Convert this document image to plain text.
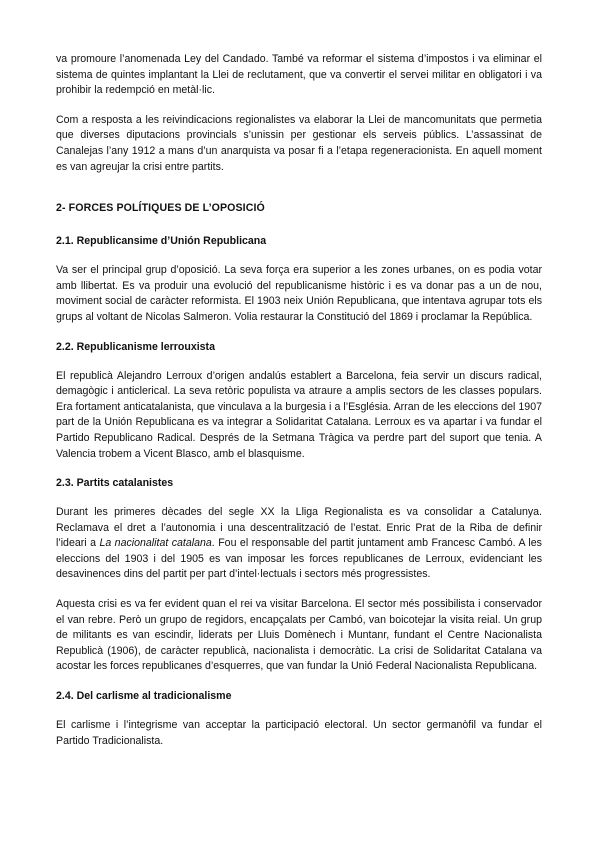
va promoure l’anomenada Ley del Candado. També va reformar el sistema d’impostos i va eliminar el sistema de quintes implantant la Llei de reclutament, que va convertir el servei militar en obligatori i va prohibir la redempció en metàl·lic.

Com a resposta a les reivindicacions regionalistes va elaborar la Llei de mancomunitats que permetia que diverses diputacions provincials s’unissin per gestionar els serveis públics. L’assassinat de Canalejas l’any 1912 a mans d’un anarquista va posar fi a l’etapa regeneracionista. En aquell moment es van agreujar la crisi entre partits.

2- FORCES POLÍTIQUES DE L’OPOSICIÓ
2.1. Republicansime d’Unión Republicana

Va ser el principal grup d’oposició. La seva força era superior a les zones urbanes, on es podia votar amb llibertat. Es va produir una evolució del republicanisme històric i es va donar pas a un de nou, moviment social de caràcter reformista. El 1903 neix Unión Republicana, que intentava agrupar tots els grups al voltant de Nicolas Salmeron. Volia restaurar la Constitució del 1869 i proclamar la República.

2.2. Republicanisme lerrouxista

El republicà Alejandro Lerroux d’origen andalús establert a Barcelona, feia servir un discurs radical, demagògic i anticlerical. La seva retòric populista va atraure a amplis sectors de les classes populars. Era fortament anticatalanista, que vinculava a la burgesia i a l’Església. Arran de les eleccions del 1907 part de la Unión Republicana es va integrar a Solidaritat Catalana. Lerroux es va apartar i va fundar el Partido Republicano Radical. Després de la Setmana Tràgica va perdre part del suport que tenia. A Valencia trobem a Vicent Blasco, amb el blasquisme.

2.3. Partits catalanistes

Durant les primeres dècades del segle XX la Lliga Regionalista es va consolidar a Catalunya. Reclamava el dret a l’autonomia i una descentralització de l’estat. Enric Prat de la Riba de definir l’ideari a La nacionalitat catalana. Fou el responsable del partit juntament amb Francesc Cambó. A les eleccions del 1903 i del 1905 es van imposar les forces republicanes de Lerroux, evidenciant les desavinences dins del partit per part d’intel·lectuals i sectors més progressistes.

Aquesta crisi es va fer evident quan el rei va visitar Barcelona. El sector més possibilista i conservador el van rebre. Però un grupo de regidors, encapçalats per Cambó, van boicotejar la visita reial. Un grup de militants es van escindir, liderats per Lluis Domènech i Muntanr, fundant el Centre Nacionalista Republicà (1906), de caràcter republicà, nacionalista i democràtic. La crisi de Solidaritat Catalana va acostar les forces republicanes d’esquerres, que van fundar la Unió Federal Nacionalista Republicana.

2.4. Del carlisme al tradicionalisme

El carlisme i l’integrisme van acceptar la participació electoral. Un sector germanòfil va fundar el Partido Tradicionalista.
